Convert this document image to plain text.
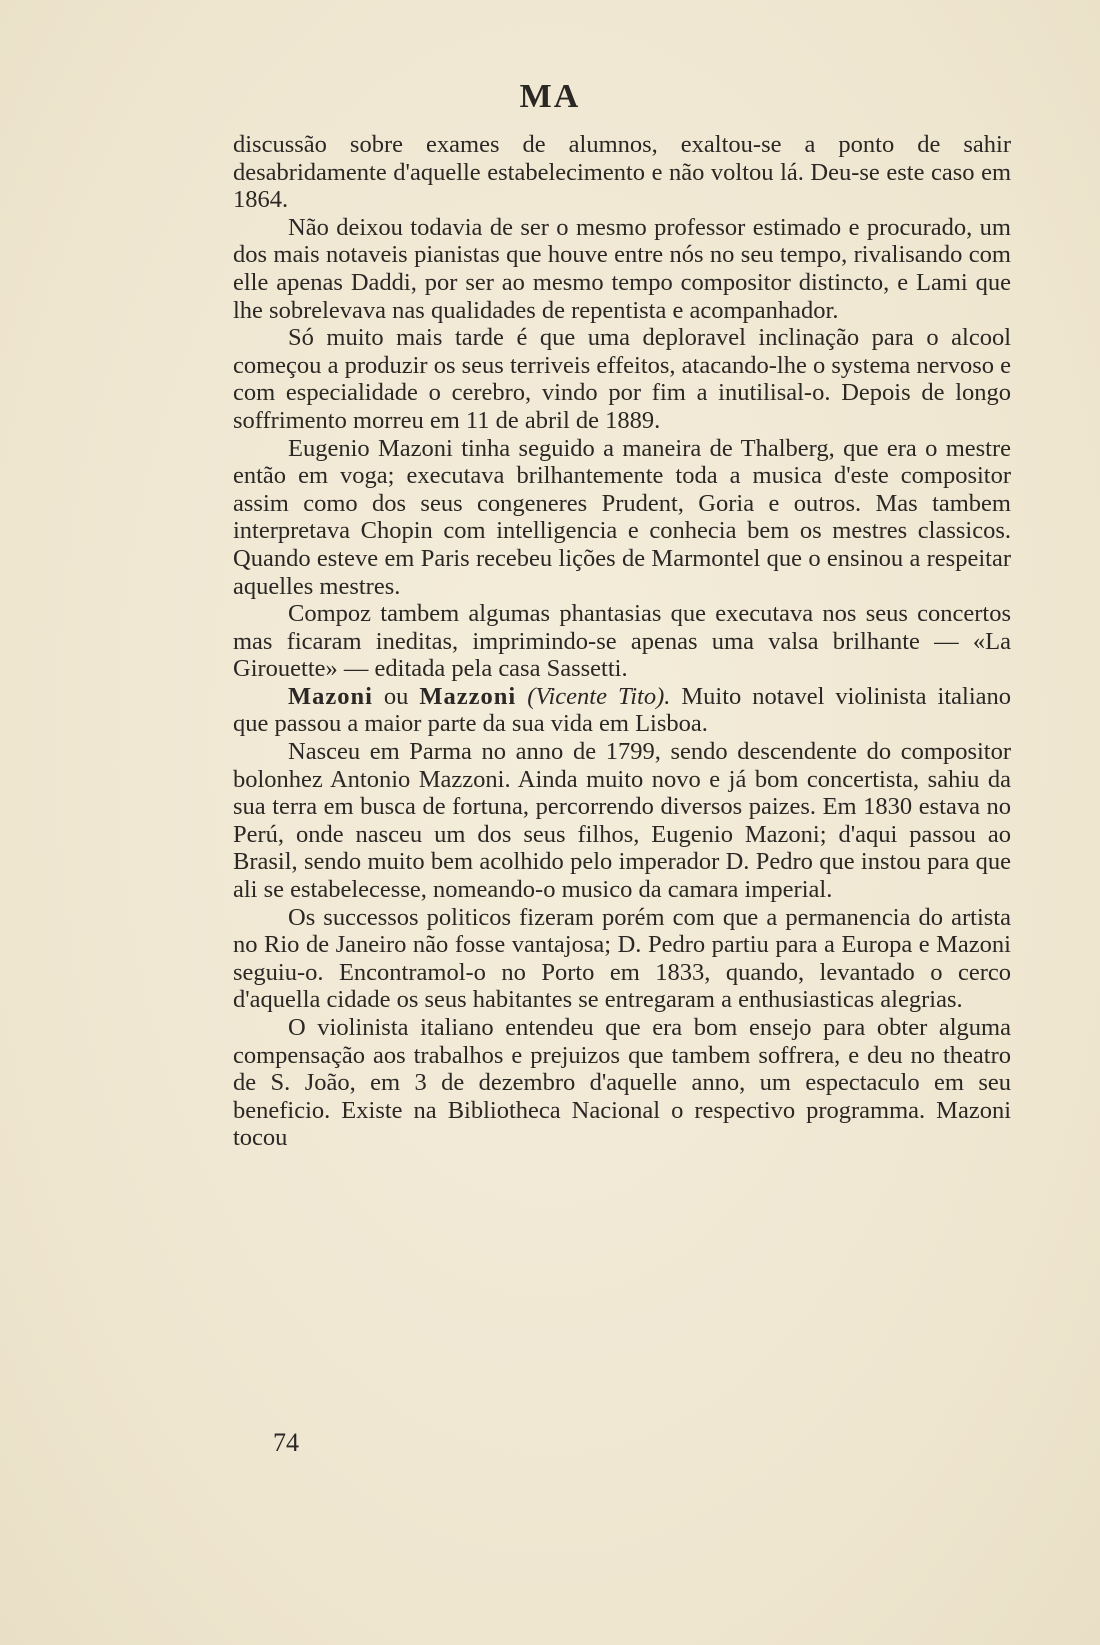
MA

discussão sobre exames de alumnos, exaltou-se a ponto de sahir desabridamente d'aquelle estabelecimento e não voltou lá. Deu-se este caso em 1864.

Não deixou todavia de ser o mesmo professor estimado e procurado, um dos mais notaveis pianistas que houve entre nós no seu tempo, rivalisando com elle apenas Daddi, por ser ao mesmo tempo compositor distincto, e Lami que lhe sobrelevava nas qualidades de repentista e acompanhador.

Só muito mais tarde é que uma deploravel inclinação para o alcool começou a produzir os seus terriveis effeitos, atacando-lhe o systema nervoso e com especialidade o cerebro, vindo por fim a inutilisal-o. Depois de longo soffrimento morreu em 11 de abril de 1889.

Eugenio Mazoni tinha seguido a maneira de Thalberg, que era o mestre então em voga; executava brilhantemente toda a musica d'este compositor assim como dos seus congeneres Prudent, Goria e outros. Mas tambem interpretava Chopin com intelligencia e conhecia bem os mestres classicos. Quando esteve em Paris recebeu lições de Marmontel que o ensinou a respeitar aquelles mestres.

Compoz tambem algumas phantasias que executava nos seus concertos mas ficaram ineditas, imprimindo-se apenas uma valsa brilhante — «La Girouette» — editada pela casa Sassetti.

Mazoni ou Mazzoni (Vicente Tito). Muito notavel violinista italiano que passou a maior parte da sua vida em Lisboa.

Nasceu em Parma no anno de 1799, sendo descendente do compositor bolonhez Antonio Mazzoni. Ainda muito novo e já bom concertista, sahiu da sua terra em busca de fortuna, percorrendo diversos paizes. Em 1830 estava no Perú, onde nasceu um dos seus filhos, Eugenio Mazoni; d'aqui passou ao Brasil, sendo muito bem acolhido pelo imperador D. Pedro que instou para que ali se estabelecesse, nomeando-o musico da camara imperial.

Os successos politicos fizeram porém com que a permanencia do artista no Rio de Janeiro não fosse vantajosa; D. Pedro partiu para a Europa e Mazoni seguiu-o. Encontramol-o no Porto em 1833, quando, levantado o cerco d'aquella cidade os seus habitantes se entregaram a enthusiasticas alegrias.

O violinista italiano entendeu que era bom ensejo para obter alguma compensação aos trabalhos e prejuizos que tambem soffrera, e deu no theatro de S. João, em 3 de dezembro d'aquelle anno, um espectaculo em seu beneficio. Existe na Bibliotheca Nacional o respectivo programma. Mazoni tocou

74
